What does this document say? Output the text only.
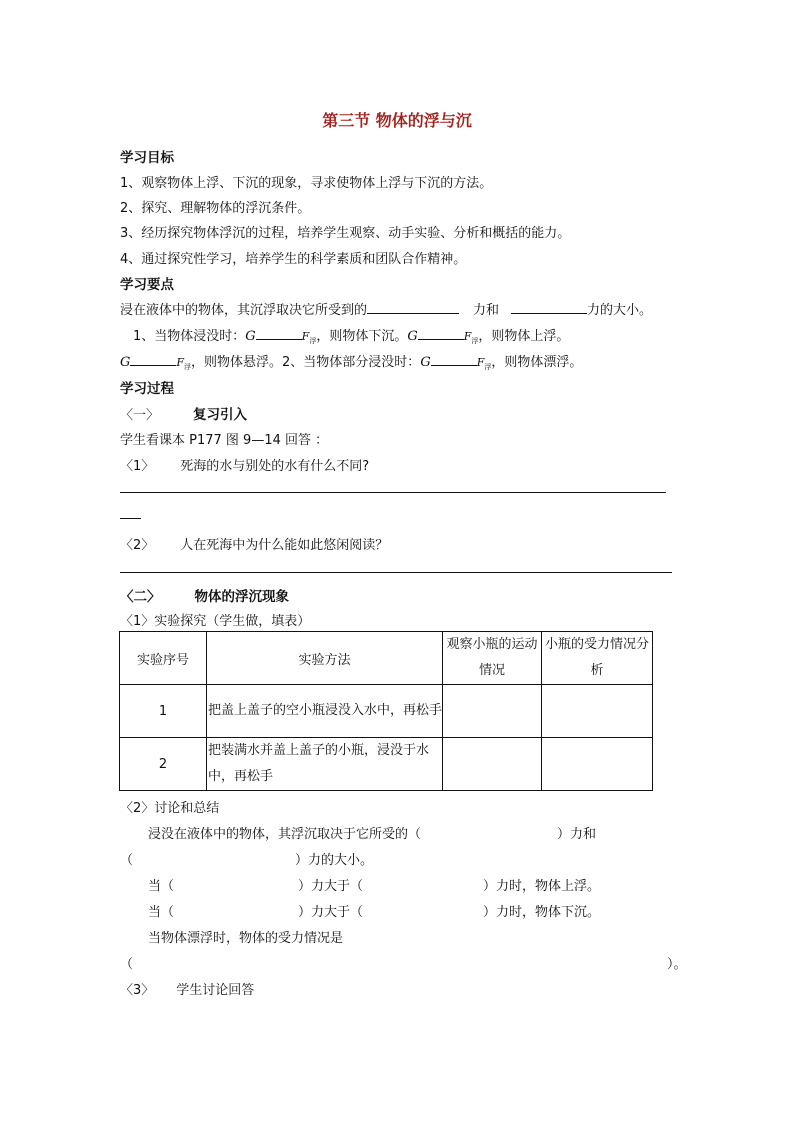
第三节 物体的浮与沉
学习目标
1、观察物体上浮、下沉的现象，寻求使物体上浮与下沉的方法。
2、探究、理解物体的浮沉条件。
3、经历探究物体浮沉的过程，培养学生观察、动手实验、分析和概括的能力。
4、通过探究性学习，培养学生的科学素质和团队合作精神。
学习要点
浸在液体中的物体，其沉浮取决它所受到的	力和	力的大小。
1、当物体浸没时：G	$F_浮$，则物体下沉。G	$F_浮$，则物体上浮。
G	$F_浮$，则物体悬浮。2、当物体部分浸没时：G	$F_浮$，则物体漂浮。
学习过程
〈一〉	复习引入
学生看课本 P177 图 9—14 回答 ：
〈1〉 死海的水与别处的水有什么不同?
〈2〉 人在死海中为什么能如此悠闲阅读？
〈二〉	物体的浮沉现象
〈1〉实验探究（学生做，填表）
实验序号	实验方法	观察小瓶的运动情况	小瓶的受力情况分析
1	把盖上盖子的空小瓶浸没入水中，再松手		
2	把装满水并盖上盖子的小瓶，浸没于水中，再松手		
〈2〉讨论和总结
浸没在液体中的物体，其浮沉取决于它所受的（	）力和
（	）力的大小。
当（	）力大于（	）力时，物体上浮。
当（	）力大于（	）力时，物体下沉。
当物体漂浮时，物体的受力情况是
（	）。
〈3〉 学生讨论回答
